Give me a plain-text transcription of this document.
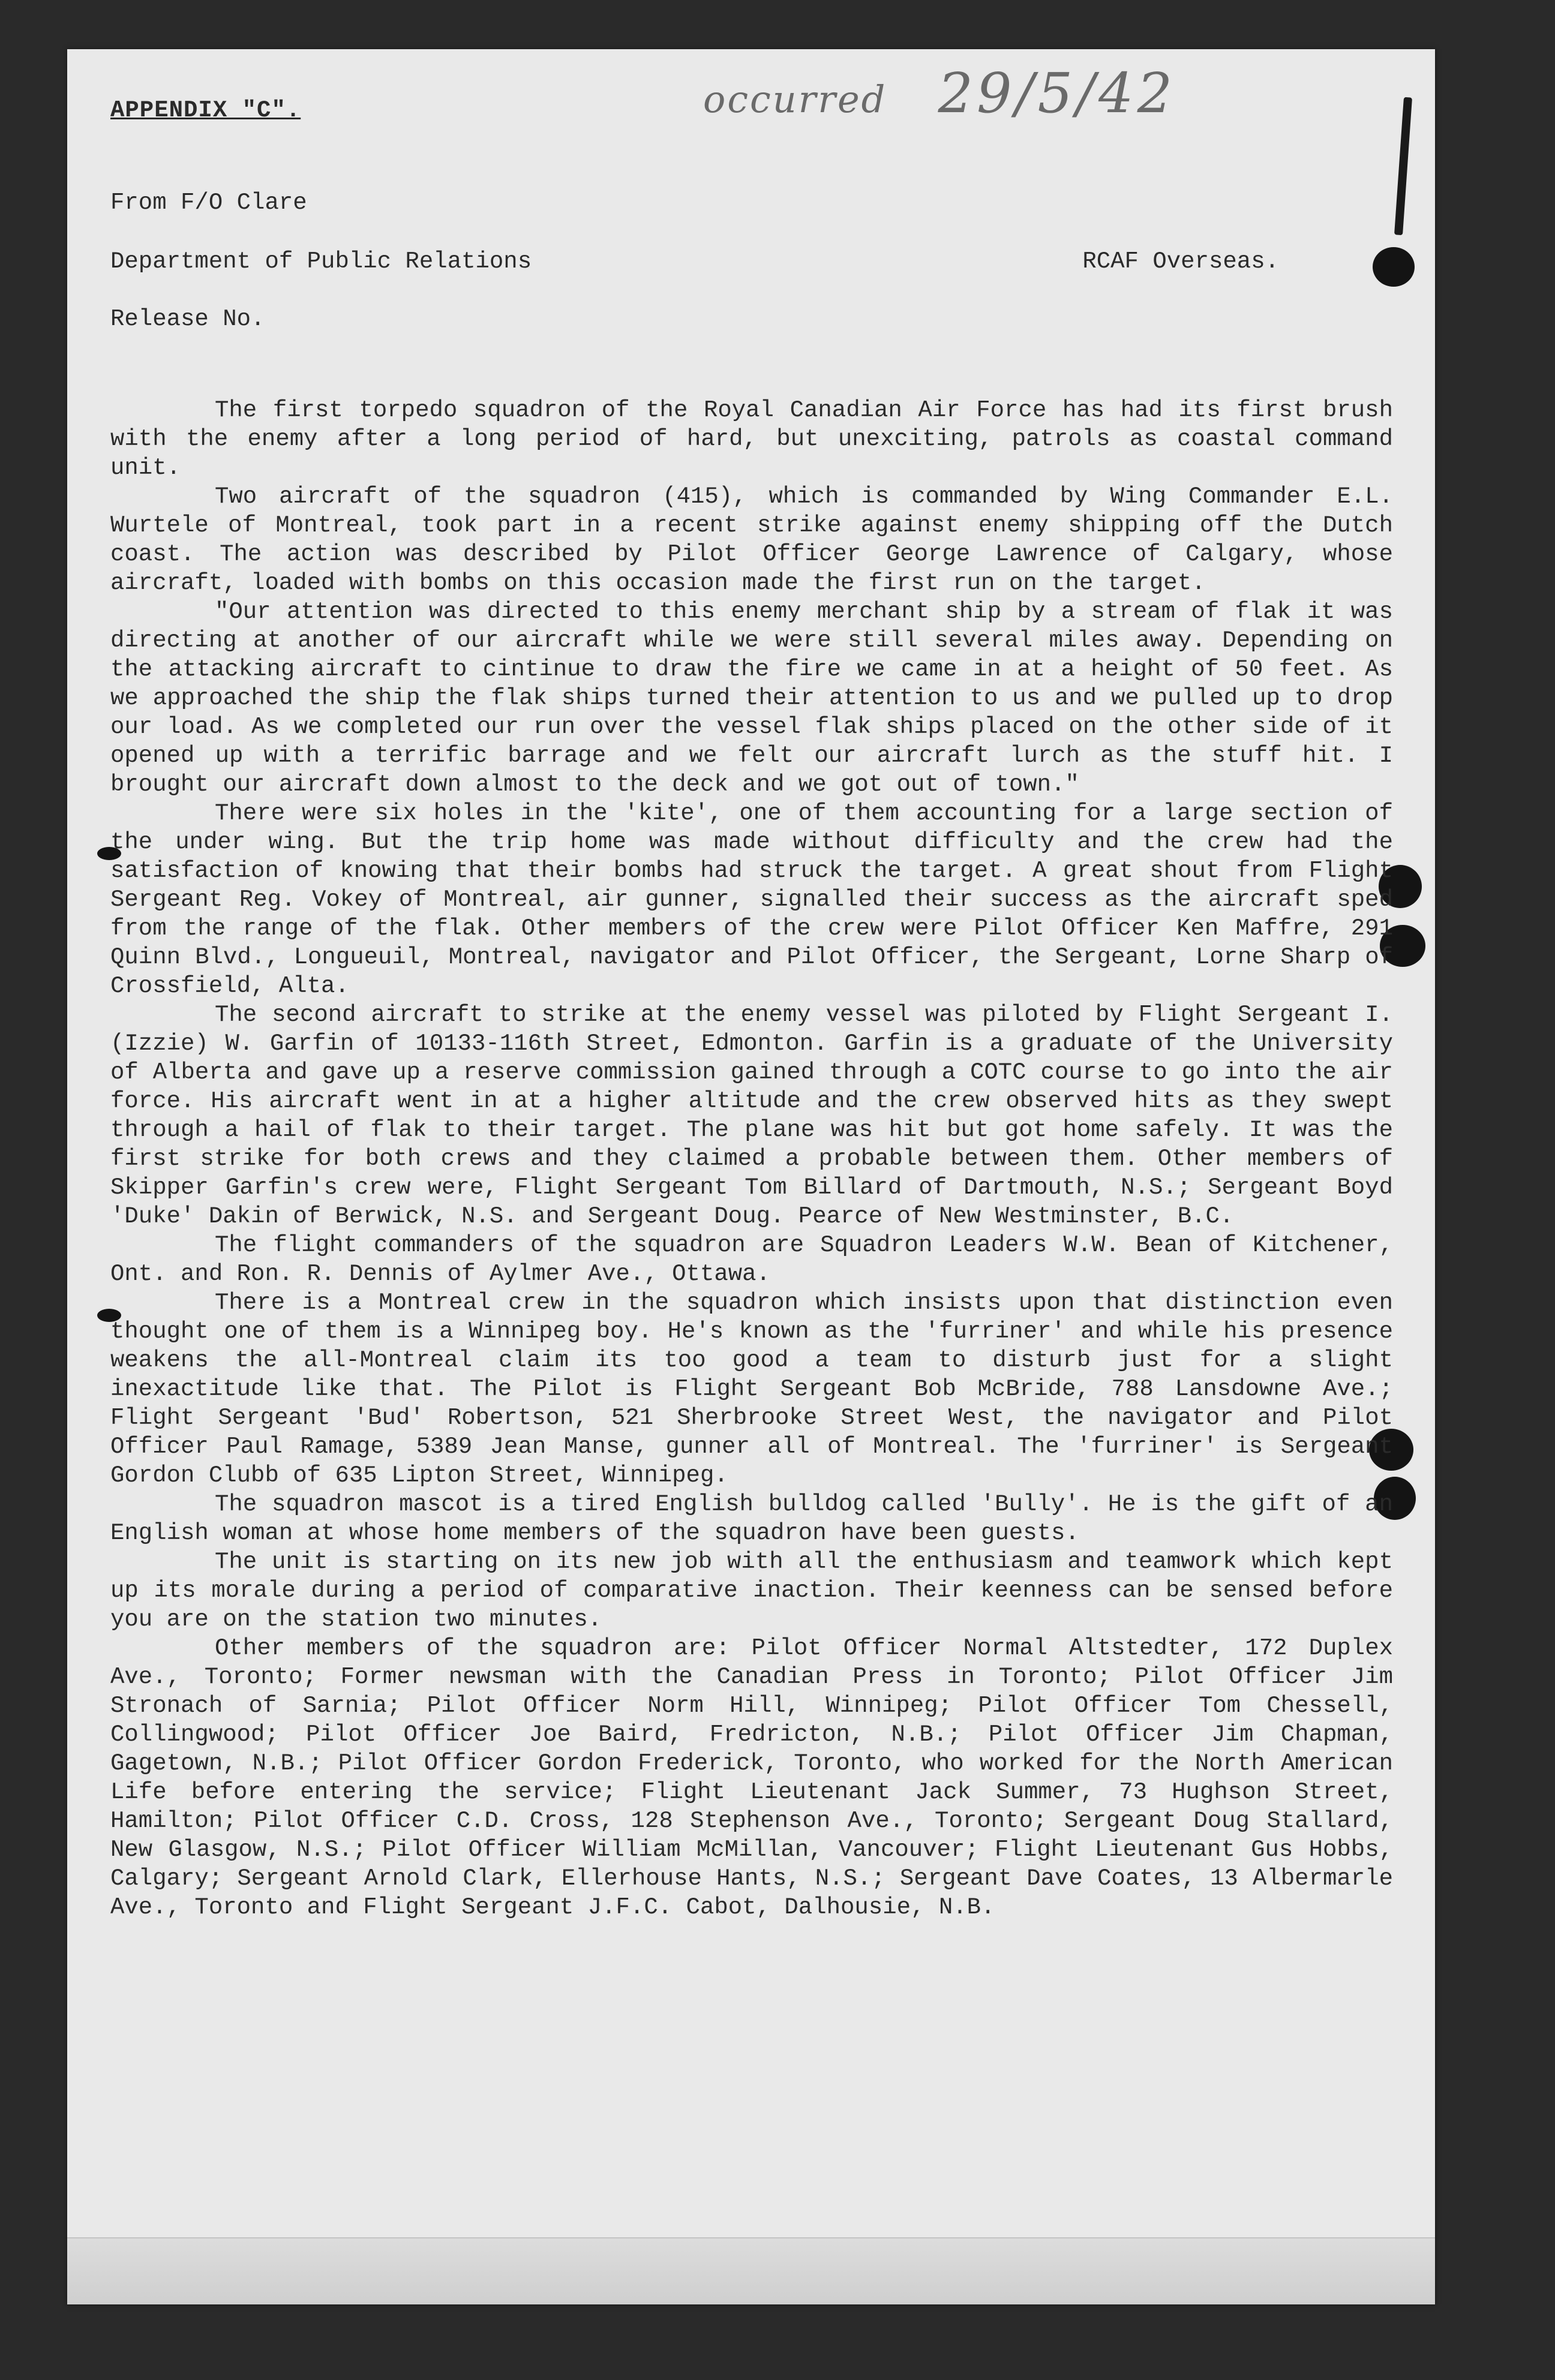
occurred 29/5/42
APPENDIX "C".
From F/O Clare
Department of Public Relations	RCAF Overseas.
Release No.

The first torpedo squadron of the Royal Canadian Air Force has had its first brush with the enemy after a long period of hard, but unexciting, patrols as coastal command unit.

Two aircraft of the squadron (415), which is commanded by Wing Commander E.L. Wurtele of Montreal, took part in a recent strike against enemy shipping off the Dutch coast. The action was described by Pilot Officer George Lawrence of Calgary, whose aircraft, loaded with bombs on this occasion made the first run on the target.

"Our attention was directed to this enemy merchant ship by a stream of flak it was directing at another of our aircraft while we were still several miles away. Depending on the attacking aircraft to cintinue to draw the fire we came in at a height of 50 feet. As we approached the ship the flak ships turned their attention to us and we pulled up to drop our load. As we completed our run over the vessel flak ships placed on the other side of it opened up with a terrific barrage and we felt our aircraft lurch as the stuff hit. I brought our aircraft down almost to the deck and we got out of town."

There were six holes in the 'kite', one of them accounting for a large section of the under wing. But the trip home was made without difficulty and the crew had the satisfaction of knowing that their bombs had struck the target. A great shout from Flight Sergeant Reg. Vokey of Montreal, air gunner, signalled their success as the aircraft sped from the range of the flak. Other members of the crew were Pilot Officer Ken Maffre, 291 Quinn Blvd., Longueuil, Montreal, navigator and Pilot Officer, the Sergeant, Lorne Sharp of Crossfield, Alta.

The second aircraft to strike at the enemy vessel was piloted by Flight Sergeant I. (Izzie) W. Garfin of 10133-116th Street, Edmonton. Garfin is a graduate of the University of Alberta and gave up a reserve commission gained through a COTC course to go into the air force. His aircraft went in at a higher altitude and the crew observed hits as they swept through a hail of flak to their target. The plane was hit but got home safely. It was the first strike for both crews and they claimed a probable between them. Other members of Skipper Garfin's crew were, Flight Sergeant Tom Billard of Dartmouth, N.S.; Sergeant Boyd 'Duke' Dakin of Berwick, N.S. and Sergeant Doug. Pearce of New Westminster, B.C.

The flight commanders of the squadron are Squadron Leaders W.W. Bean of Kitchener, Ont. and Ron. R. Dennis of Aylmer Ave., Ottawa.

There is a Montreal crew in the squadron which insists upon that distinction even thought one of them is a Winnipeg boy. He's known as the 'furriner' and while his presence weakens the all-Montreal claim its too good a team to disturb just for a slight inexactitude like that. The Pilot is Flight Sergeant Bob McBride, 788 Lansdowne Ave.; Flight Sergeant 'Bud' Robertson, 521 Sherbrooke Street West, the navigator and Pilot Officer Paul Ramage, 5389 Jean Manse, gunner all of Montreal. The 'furriner' is Sergeant Gordon Clubb of 635 Lipton Street, Winnipeg.

The squadron mascot is a tired English bulldog called 'Bully'. He is the gift of an English woman at whose home members of the squadron have been guests.

The unit is starting on its new job with all the enthusiasm and teamwork which kept up its morale during a period of comparative inaction. Their keenness can be sensed before you are on the station two minutes.

Other members of the squadron are: Pilot Officer Normal Altstedter, 172 Duplex Ave., Toronto; Former newsman with the Canadian Press in Toronto; Pilot Officer Jim Stronach of Sarnia; Pilot Officer Norm Hill, Winnipeg; Pilot Officer Tom Chessell, Collingwood; Pilot Officer Joe Baird, Fredricton, N.B.; Pilot Officer Jim Chapman, Gagetown, N.B.; Pilot Officer Gordon Frederick, Toronto, who worked for the North American Life before entering the service; Flight Lieutenant Jack Summer, 73 Hughson Street, Hamilton; Pilot Officer C.D. Cross, 128 Stephenson Ave., Toronto; Sergeant Doug Stallard, New Glasgow, N.S.; Pilot Officer William McMillan, Vancouver; Flight Lieutenant Gus Hobbs, Calgary; Sergeant Arnold Clark, Ellerhouse Hants, N.S.; Sergeant Dave Coates, 13 Albermarle Ave., Toronto and Flight Sergeant J.F.C. Cabot, Dalhousie, N.B.
